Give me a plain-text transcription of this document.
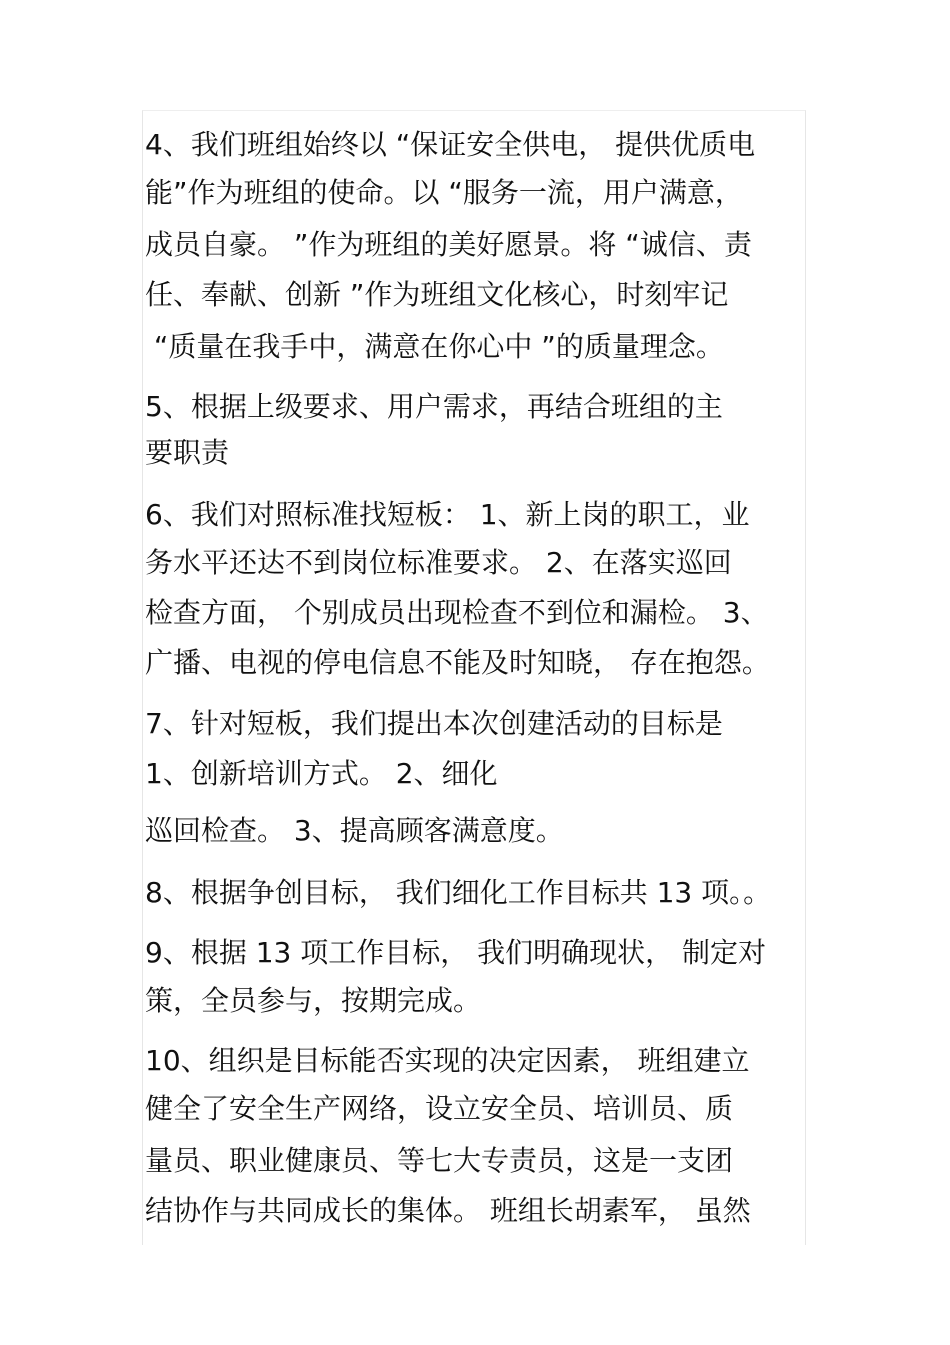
4、我们班组始终以 “保证安全供电， 提供优质电
能”作为班组的使命。以 “服务一流，用户满意，
成员自豪。 ”作为班组的美好愿景。将 “诚信、责
任、奉献、创新 ”作为班组文化核心，时刻牢记
“质量在我手中，满意在你心中 ”的质量理念。
5、根据上级要求、用户需求，再结合班组的主
要职责
6、我们对照标准找短板： 1、新上岗的职工，业
务水平还达不到岗位标准要求。 2、在落实巡回
检查方面， 个别成员出现检查不到位和漏检。 3、
广播、电视的停电信息不能及时知晓， 存在抱怨。
7、针对短板，我们提出本次创建活动的目标是
1、创新培训方式。 2、细化
巡回检查。 3、提高顾客满意度。
8、根据争创目标， 我们细化工作目标共 13 项。。
9、根据 13 项工作目标， 我们明确现状， 制定对
策，全员参与，按期完成。
10、组织是目标能否实现的决定因素， 班组建立
健全了安全生产网络，设立安全员、培训员、质
量员、职业健康员、等七大专责员，这是一支团
结协作与共同成长的集体。 班组长胡素军， 虽然
